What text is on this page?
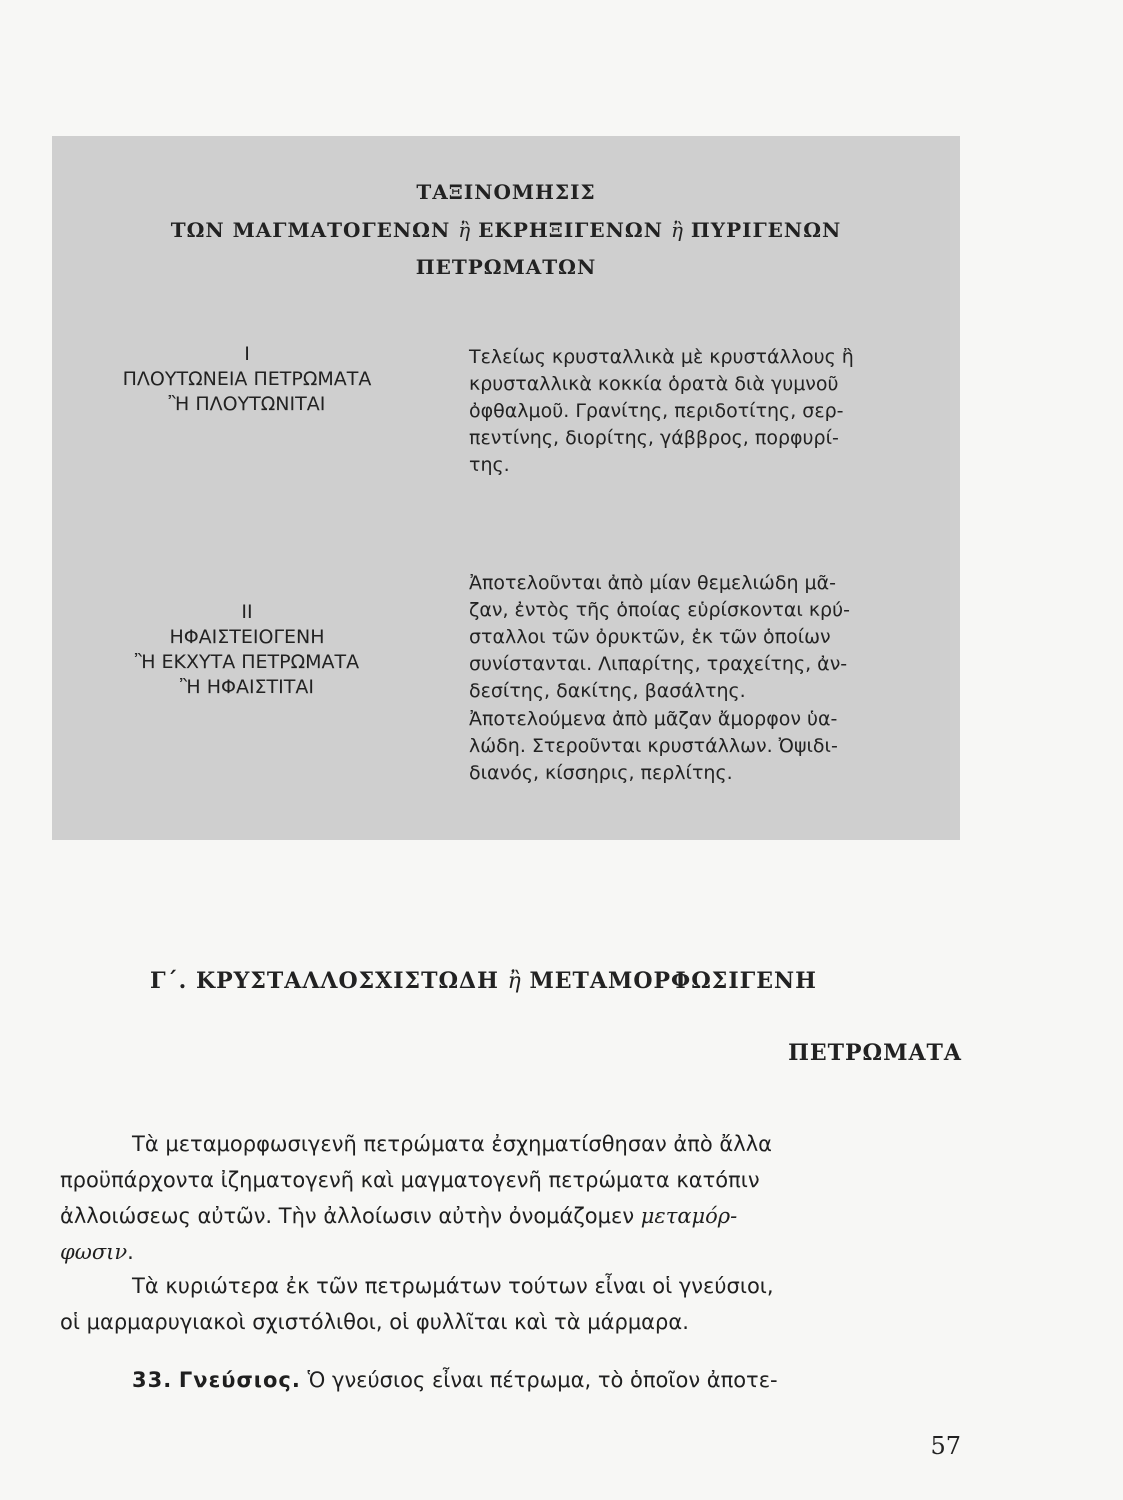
ΤΑΞΙΝΟΜΗΣΙΣ
ΤΩΝ ΜΑΓΜΑΤΟΓΕΝΩΝ ἢ ΕΚΡΗΞΙΓΕΝΩΝ ἢ ΠΥΡΙΓΕΝΩΝ
ΠΕΤΡΩΜΑΤΩΝ
I
ΠΛΟΥΤΩΝΕΙΑ ΠΕΤΡΩΜΑΤΑ
Ἢ ΠΛΟΥΤΩΝΙΤΑΙ
Τελείως κρυσταλλικὰ μὲ κρυστάλλους ἢ
κρυσταλλικὰ κοκκία ὁρατὰ διὰ γυμνοῦ
ὀφθαλμοῦ. Γρανίτης, περιδοτίτης, σερ-
πεντίνης, διορίτης, γάββρος, πορφυρί-
της.
II
ΗΦΑΙΣΤΕΙΟΓΕΝΗ
Ἢ ΕΚΧΥΤΑ ΠΕΤΡΩΜΑΤΑ
Ἢ ΗΦΑΙΣΤΙΤΑΙ
Ἀποτελοῦνται ἀπὸ μίαν θεμελιώδη μᾶ-
ζαν, ἐντὸς τῆς ὁποίας εὑρίσκονται κρύ-
σταλλοι τῶν ὀρυκτῶν, ἐκ τῶν ὁποίων
συνίστανται. Λιπαρίτης, τραχείτης, ἀν-
δεσίτης, δακίτης, βασάλτης.
Ἀποτελούμενα ἀπὸ μᾶζαν ἄμορφον ὑα-
λώδη. Στεροῦνται κρυστάλλων. Ὀψιδι-
διανός, κίσσηρις, περλίτης.
Γ΄. ΚΡΥΣΤΑΛΛΟΣΧΙΣΤΩΔΗ ἢ ΜΕΤΑΜΟΡΦΩΣΙΓΕΝΗ
ΠΕΤΡΩΜΑΤΑ
Τὰ μεταμορφωσιγενῆ πετρώματα ἐσχηματίσθησαν ἀπὸ ἄλλα
προϋπάρχοντα ἰζηματογενῆ καὶ μαγματογενῆ πετρώματα κατόπιν
ἀλλοιώσεως αὐτῶν. Τὴν ἀλλοίωσιν αὐτὴν ὀνομάζομεν μεταμόρ-
φωσιν.
Τὰ κυριώτερα ἐκ τῶν πετρωμάτων τούτων εἶναι οἱ γνεύσιοι,
οἱ μαρμαρυγιακοὶ σχιστόλιθοι, οἱ φυλλῖται καὶ τὰ μάρμαρα.
33. Γνεύσιος. Ὁ γνεύσιος εἶναι πέτρωμα, τὸ ὁποῖον ἀποτε-
57
